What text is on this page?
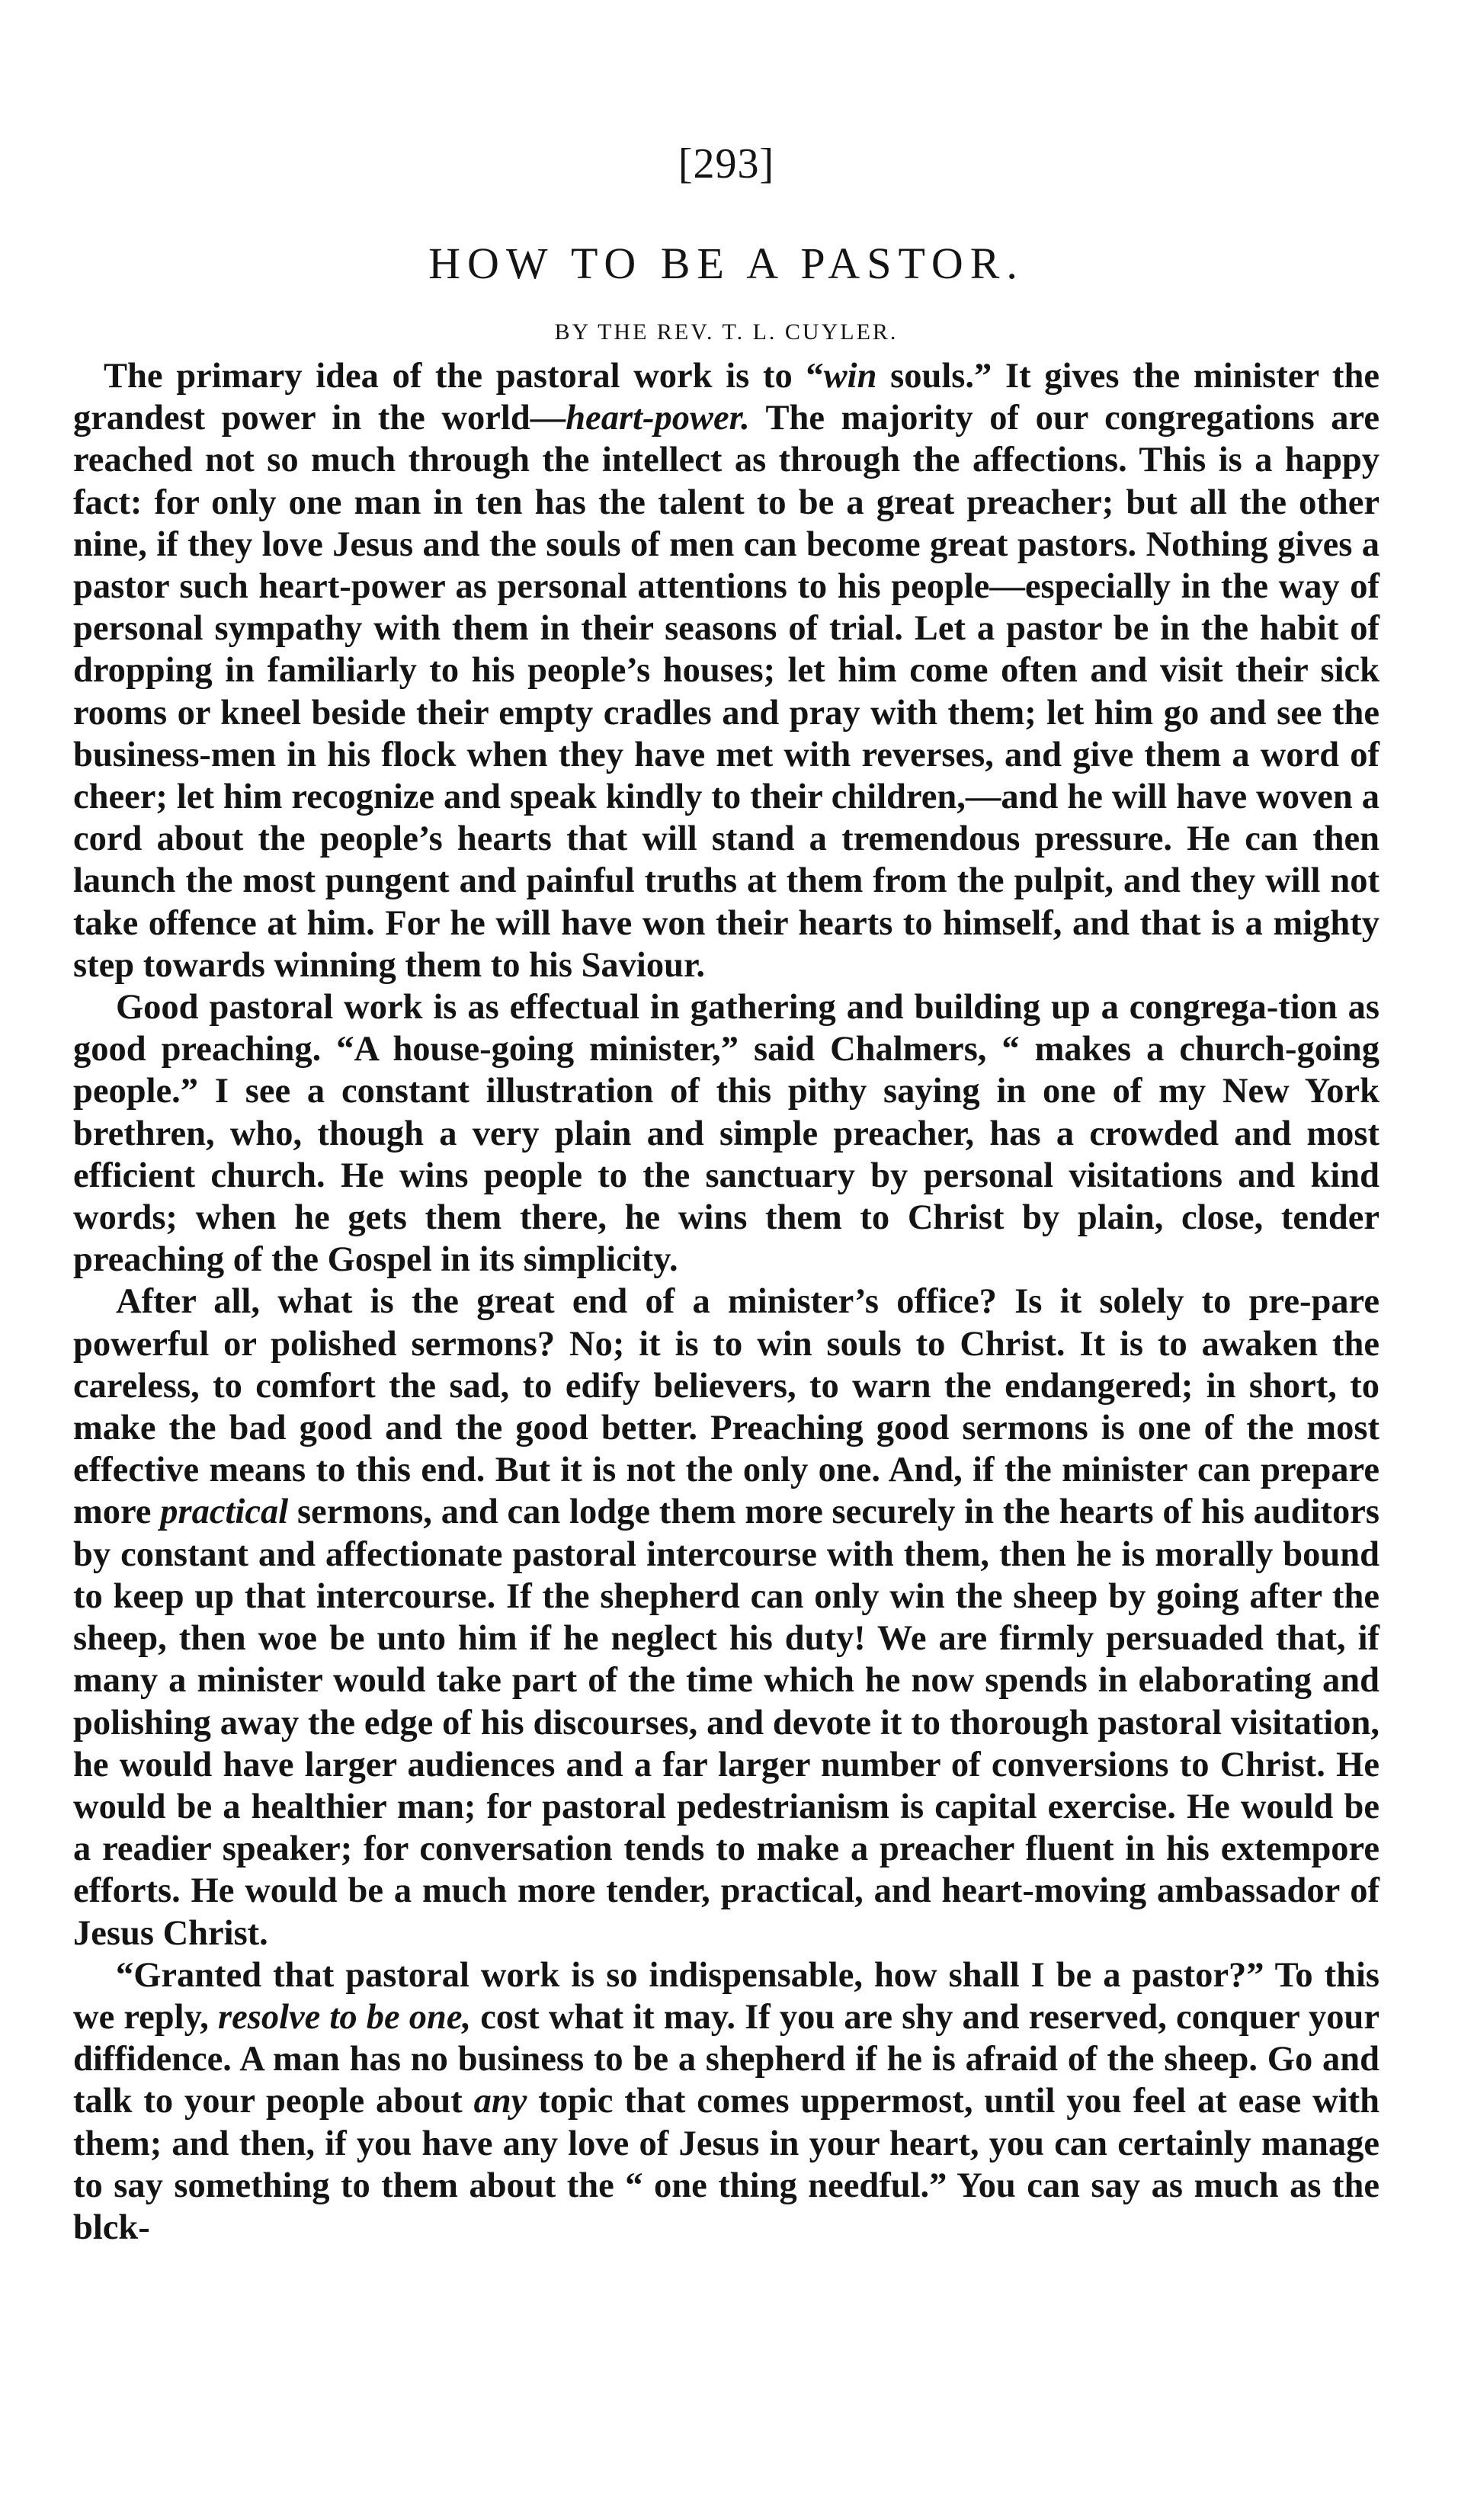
[293]
HOW TO BE A PASTOR.
BY THE REV. T. L. CUYLER.

The primary idea of the pastoral work is to “win souls.” It gives the minister the grandest power in the world—heart-power. The majority of our congregations are reached not so much through the intellect as through the affections. This is a happy fact: for only one man in ten has the talent to be a great preacher; but all the other nine, if they love Jesus and the souls of men can become great pastors. Nothing gives a pastor such heart-power as personal attentions to his people—especially in the way of personal sympathy with them in their seasons of trial. Let a pastor be in the habit of dropping in familiarly to his people’s houses; let him come often and visit their sick rooms or kneel beside their empty cradles and pray with them; let him go and see the business-men in his flock when they have met with reverses, and give them a word of cheer; let him recognize and speak kindly to their children,—and he will have woven a cord about the people’s hearts that will stand a tremendous pressure. He can then launch the most pungent and painful truths at them from the pulpit, and they will not take offence at him. For he will have won their hearts to himself, and that is a mighty step towards winning them to his Saviour.

Good pastoral work is as effectual in gathering and building up a congrega-tion as good preaching. “A house-going minister,” said Chalmers, “ makes a church-going people.” I see a constant illustration of this pithy saying in one of my New York brethren, who, though a very plain and simple preacher, has a crowded and most efficient church. He wins people to the sanctuary by personal visitations and kind words; when he gets them there, he wins them to Christ by plain, close, tender preaching of the Gospel in its simplicity.

After all, what is the great end of a minister’s office? Is it solely to pre-pare powerful or polished sermons? No; it is to win souls to Christ. It is to awaken the careless, to comfort the sad, to edify believers, to warn the endangered; in short, to make the bad good and the good better. Preaching good sermons is one of the most effective means to this end. But it is not the only one. And, if the minister can prepare more practical sermons, and can lodge them more securely in the hearts of his auditors by constant and affectionate pastoral intercourse with them, then he is morally bound to keep up that intercourse. If the shepherd can only win the sheep by going after the sheep, then woe be unto him if he neglect his duty! We are firmly persuaded that, if many a minister would take part of the time which he now spends in elaborating and polishing away the edge of his discourses, and devote it to thorough pastoral visitation, he would have larger audiences and a far larger number of conversions to Christ. He would be a healthier man; for pastoral pedestrianism is capital exercise. He would be a readier speaker; for conversation tends to make a preacher fluent in his extempore efforts. He would be a much more tender, practical, and heart-moving ambassador of Jesus Christ.

“Granted that pastoral work is so indispensable, how shall I be a pastor?” To this we reply, resolve to be one, cost what it may. If you are shy and reserved, conquer your diffidence. A man has no business to be a shepherd if he is afraid of the sheep. Go and talk to your people about any topic that comes uppermost, until you feel at ease with them; and then, if you have any love of Jesus in your heart, you can certainly manage to say something to them about the “ one thing needful.” You can say as much as the blck-
